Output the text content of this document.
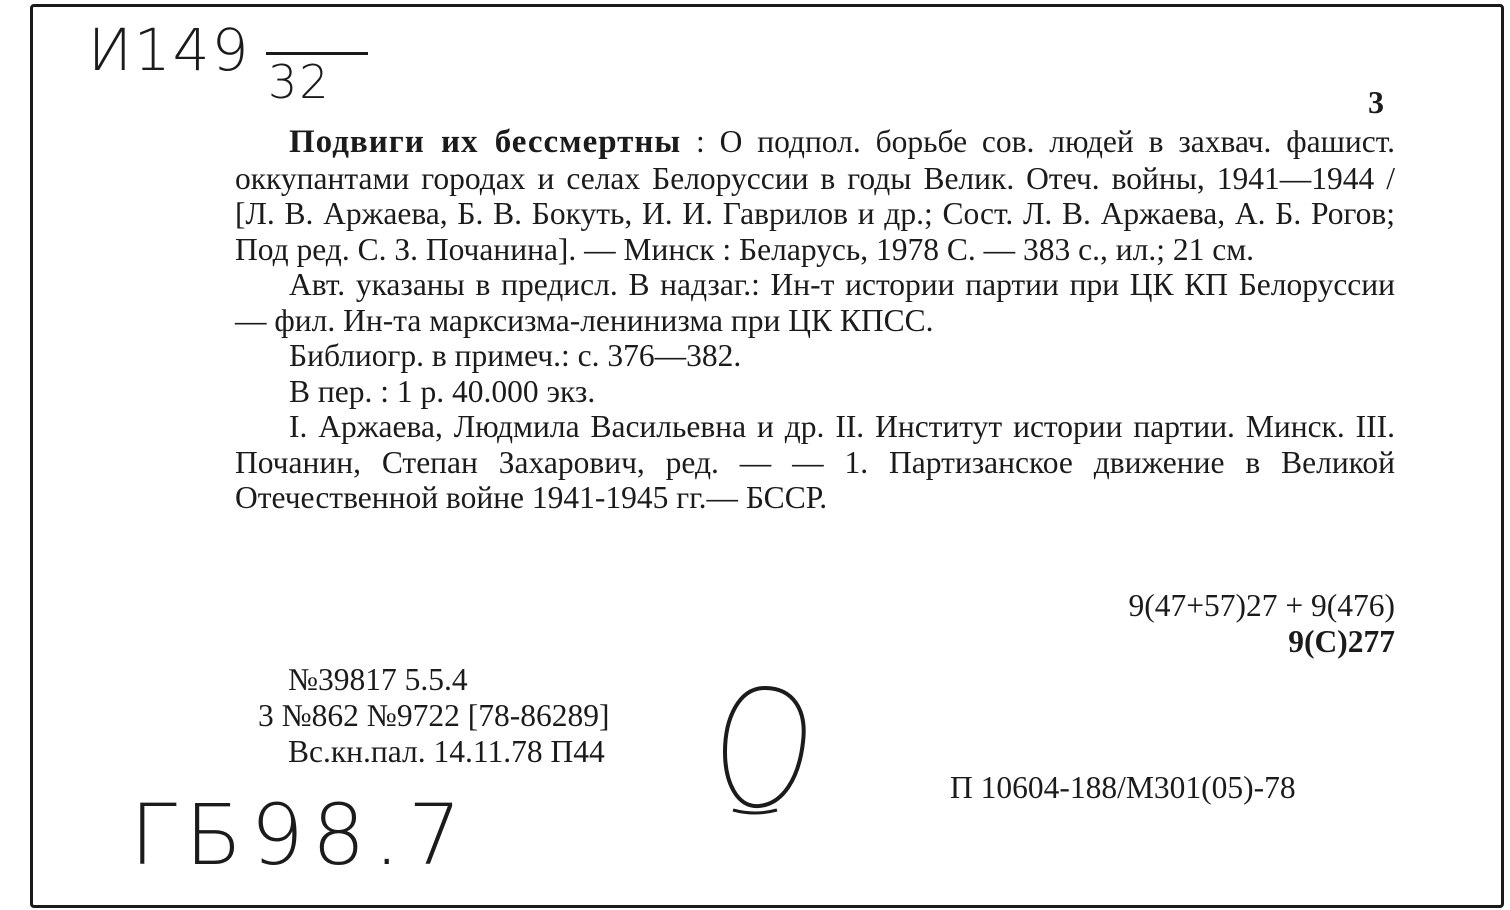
И149 32	3

Подвиги их бессмертны : О подпол. борьбе сов. людей в захвач. фашист. оккупантами городах и селах Белоруссии в годы Велик. Отеч. войны, 1941—1944 / [Л. В. Аржаева, Б. В. Бокуть, И. И. Гаврилов и др.; Сост. Л. В. Аржаева, А. Б. Рогов; Под ред. С. З. Почанина]. — Минск : Беларусь, 1978 С. — 383 с., ил.; 21 см.

Авт. указаны в предисл. В надзаг.: Ин-т истории партии при ЦК КП Белоруссии — фил. Ин-та марксизма-ленинизма при ЦК КПСС.

Библиогр. в примеч.: с. 376—382.

В пер. : 1 р. 40.000 экз.

I. Аржаева, Людмила Васильевна и др. II. Институт истории партии. Минск. III. Почанин, Степан Захарович, ред. — — 1. Партизанское движение в Великой Отечественной войне 1941-1945 гг.— БССР.

9(47+57)27 + 9(476)
9(С)277
№39817 5.5.4
3 №862 №9722 [78-86289]
Вс.кн.пал. 14.11.78 П44
П 10604-188/М301(05)-78
ГБ98.7
